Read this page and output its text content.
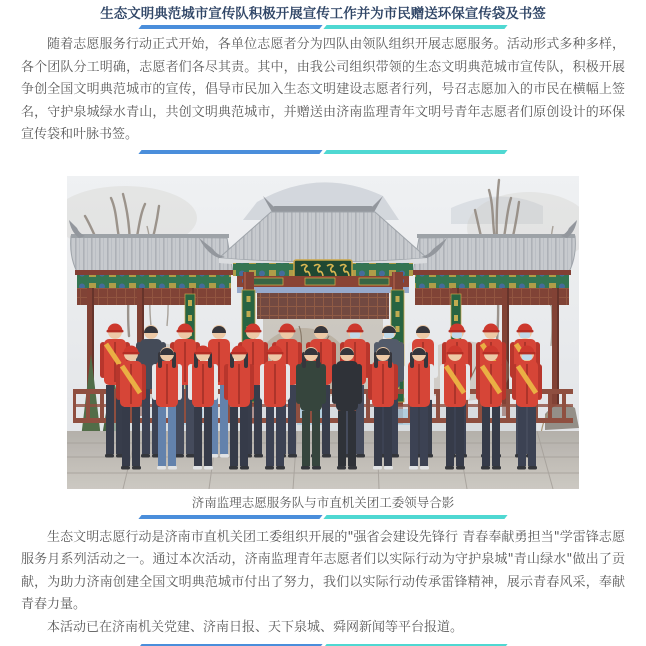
生态文明典范城市宣传队积极开展宣传工作并为市民赠送环保宣传袋及书签

随着志愿服务行动正式开始，各单位志愿者分为四队由领队组织开展志愿服务。活动形式多种多样，各个团队分工明确，志愿者们各尽其责。其中，由我公司组织带领的生态文明典范城市宣传队，积极开展争创全国文明典范城市的宣传，倡导市民加入生态文明建设志愿者行列，号召志愿加入的市民在横幅上签名，守护泉城绿水青山，共创文明典范城市，并赠送由济南监理青年文明号青年志愿者们原创设计的环保宣传袋和叶脉书签。

济南监理志愿服务队与市直机关团工委领导合影

生态文明志愿行动是济南市直机关团工委组织开展的"强省会建设先锋行 青春奉献勇担当"学雷锋志愿服务月系列活动之一。通过本次活动，济南监理青年志愿者们以实际行动为守护泉城"青山绿水"做出了贡献，为助力济南创建全国文明典范城市付出了努力，我们以实际行动传承雷锋精神，展示青春风采，奉献青春力量。

本活动已在济南机关党建、济南日报、天下泉城、舜网新闻等平台报道。
